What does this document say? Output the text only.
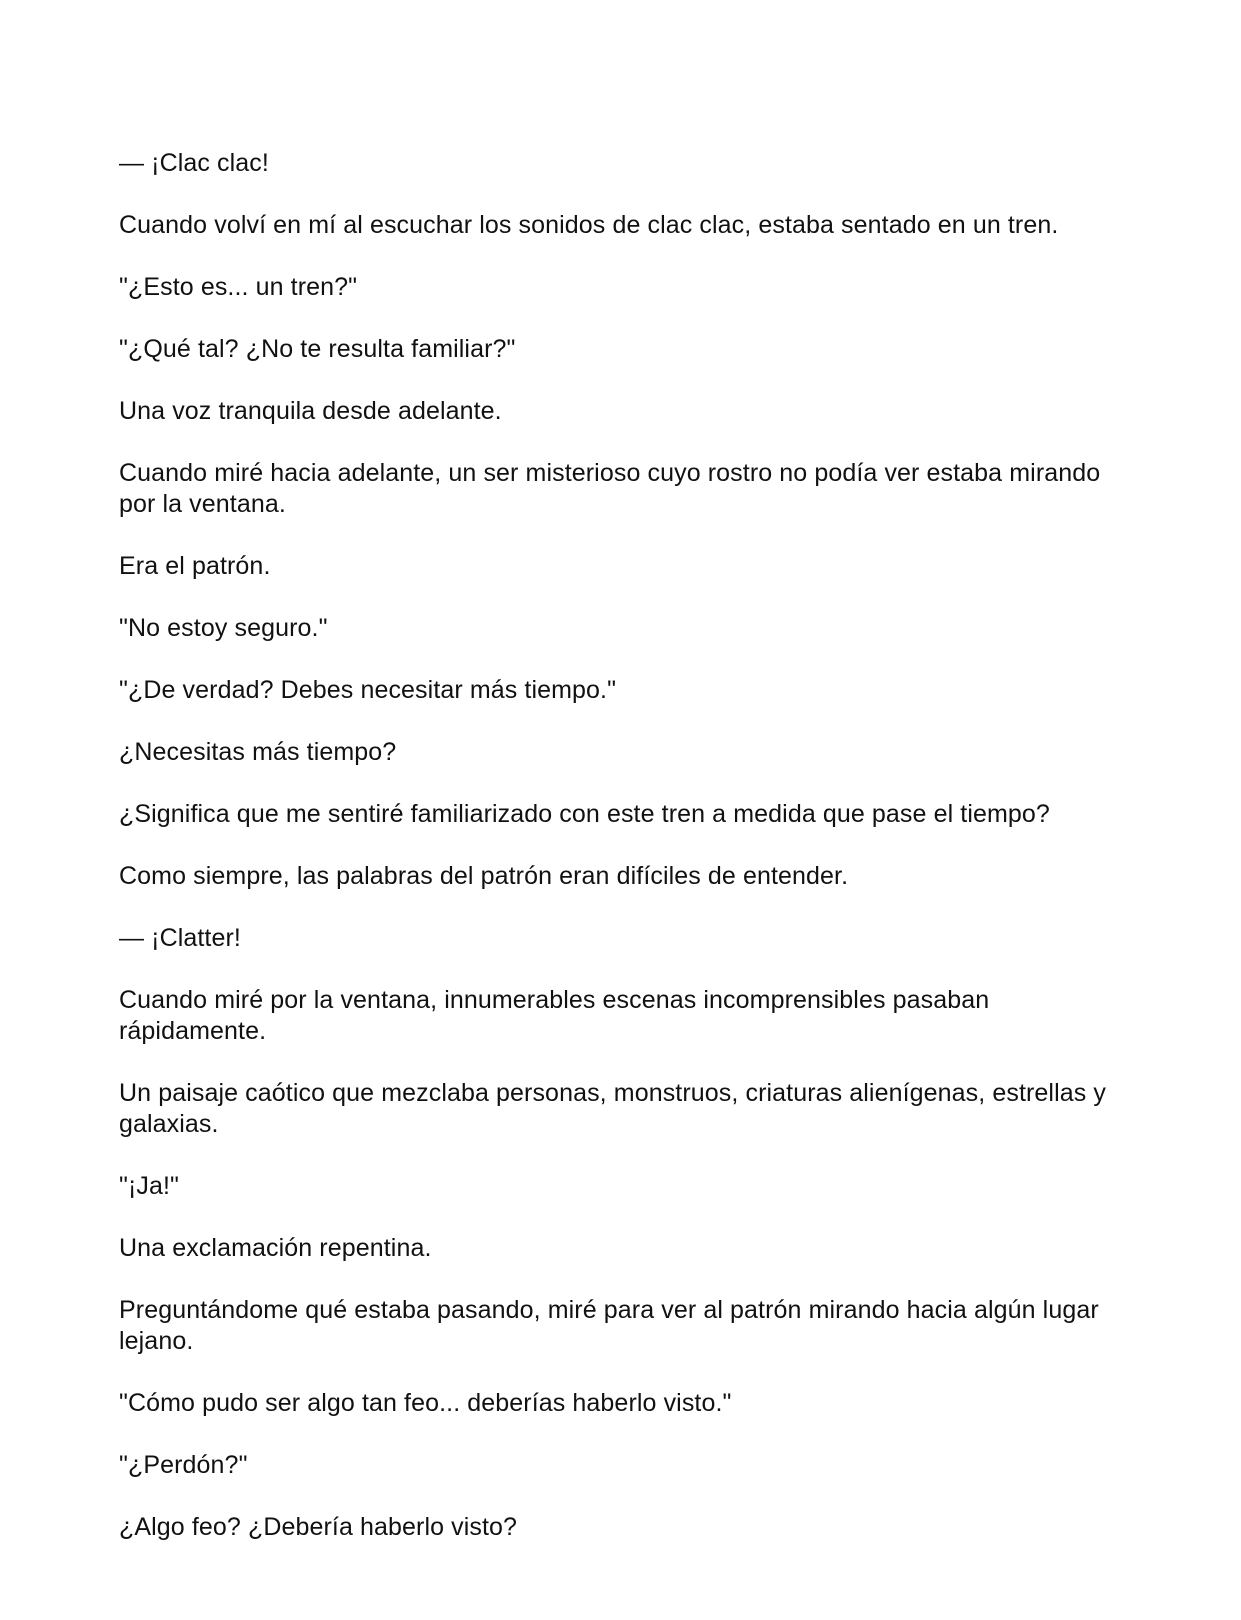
— ¡Clac clac!

Cuando volví en mí al escuchar los sonidos de clac clac, estaba sentado en un tren.

"¿Esto es... un tren?"

"¿Qué tal? ¿No te resulta familiar?"

Una voz tranquila desde adelante.

Cuando miré hacia adelante, un ser misterioso cuyo rostro no podía ver estaba mirando por la ventana.

Era el patrón.

"No estoy seguro."

"¿De verdad? Debes necesitar más tiempo."

¿Necesitas más tiempo?

¿Significa que me sentiré familiarizado con este tren a medida que pase el tiempo?

Como siempre, las palabras del patrón eran difíciles de entender.

— ¡Clatter!

Cuando miré por la ventana, innumerables escenas incomprensibles pasaban rápidamente.

Un paisaje caótico que mezclaba personas, monstruos, criaturas alienígenas, estrellas y galaxias.

"¡Ja!"

Una exclamación repentina.

Preguntándome qué estaba pasando, miré para ver al patrón mirando hacia algún lugar lejano.

"Cómo pudo ser algo tan feo... deberías haberlo visto."

"¿Perdón?"

¿Algo feo? ¿Debería haberlo visto?
